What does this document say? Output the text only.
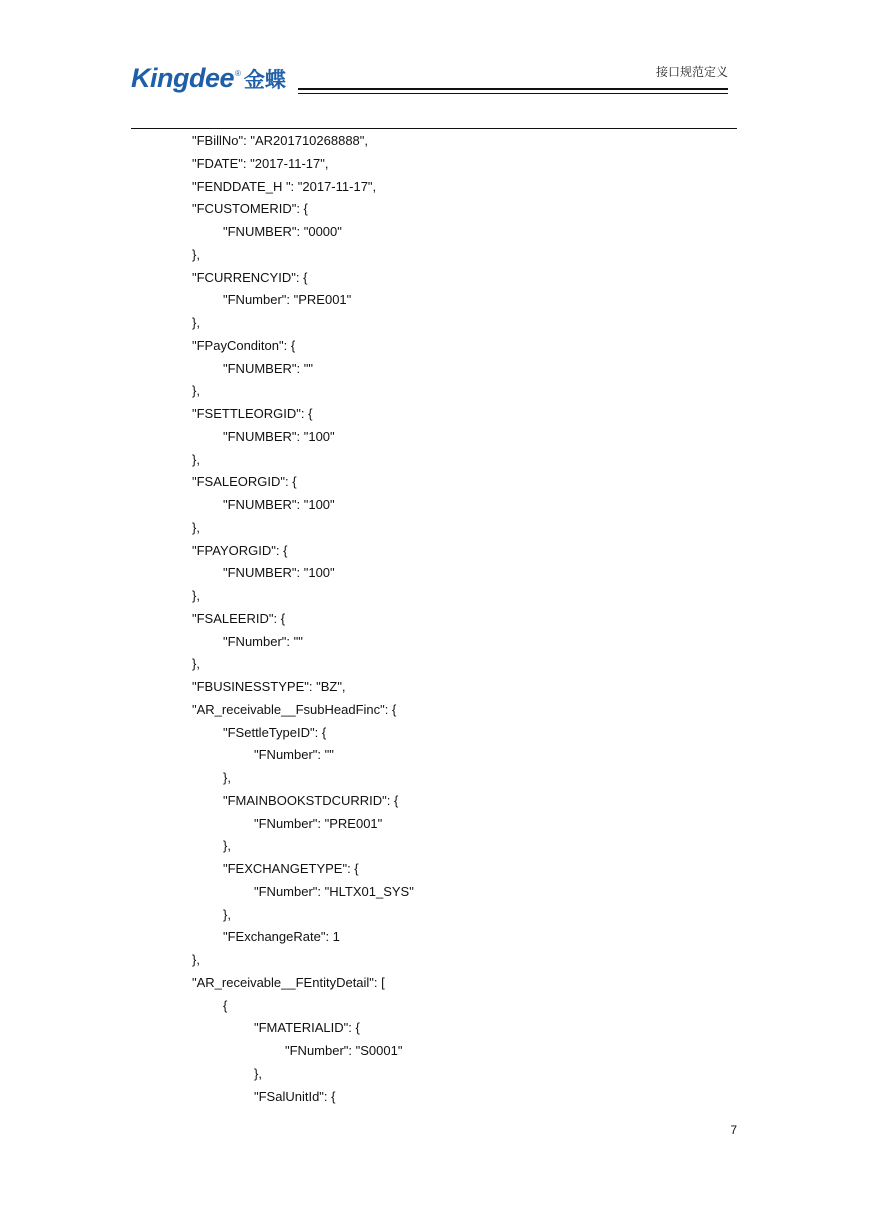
Kingdee ® 金蝶	接口规范定义
"FBillNo": "AR201710268888",
"FDATE": "2017-11-17",
"FENDDATE_H ": "2017-11-17",
"FCUSTOMERID": {
"FNUMBER": "0000"
},
"FCURRENCYID": {
"FNumber": "PRE001"
},
"FPayConditon": {
"FNUMBER": ""
},
"FSETTLEORGID": {
"FNUMBER": "100"
},
"FSALEORGID": {
"FNUMBER": "100"
},
"FPAYORGID": {
"FNUMBER": "100"
},
"FSALEERID": {
"FNumber": ""
},
"FBUSINESSTYPE": "BZ",
"AR_receivable__FsubHeadFinc": {
"FSettleTypeID": {
"FNumber": ""
},
"FMAINBOOKSTDCURRID": {
"FNumber": "PRE001"
},
"FEXCHANGETYPE": {
"FNumber": "HLTX01_SYS"
},
"FExchangeRate": 1
},
"AR_receivable__FEntityDetail": [
{
"FMATERIALID": {
"FNumber": "S0001"
},
"FSalUnitId": {
7
